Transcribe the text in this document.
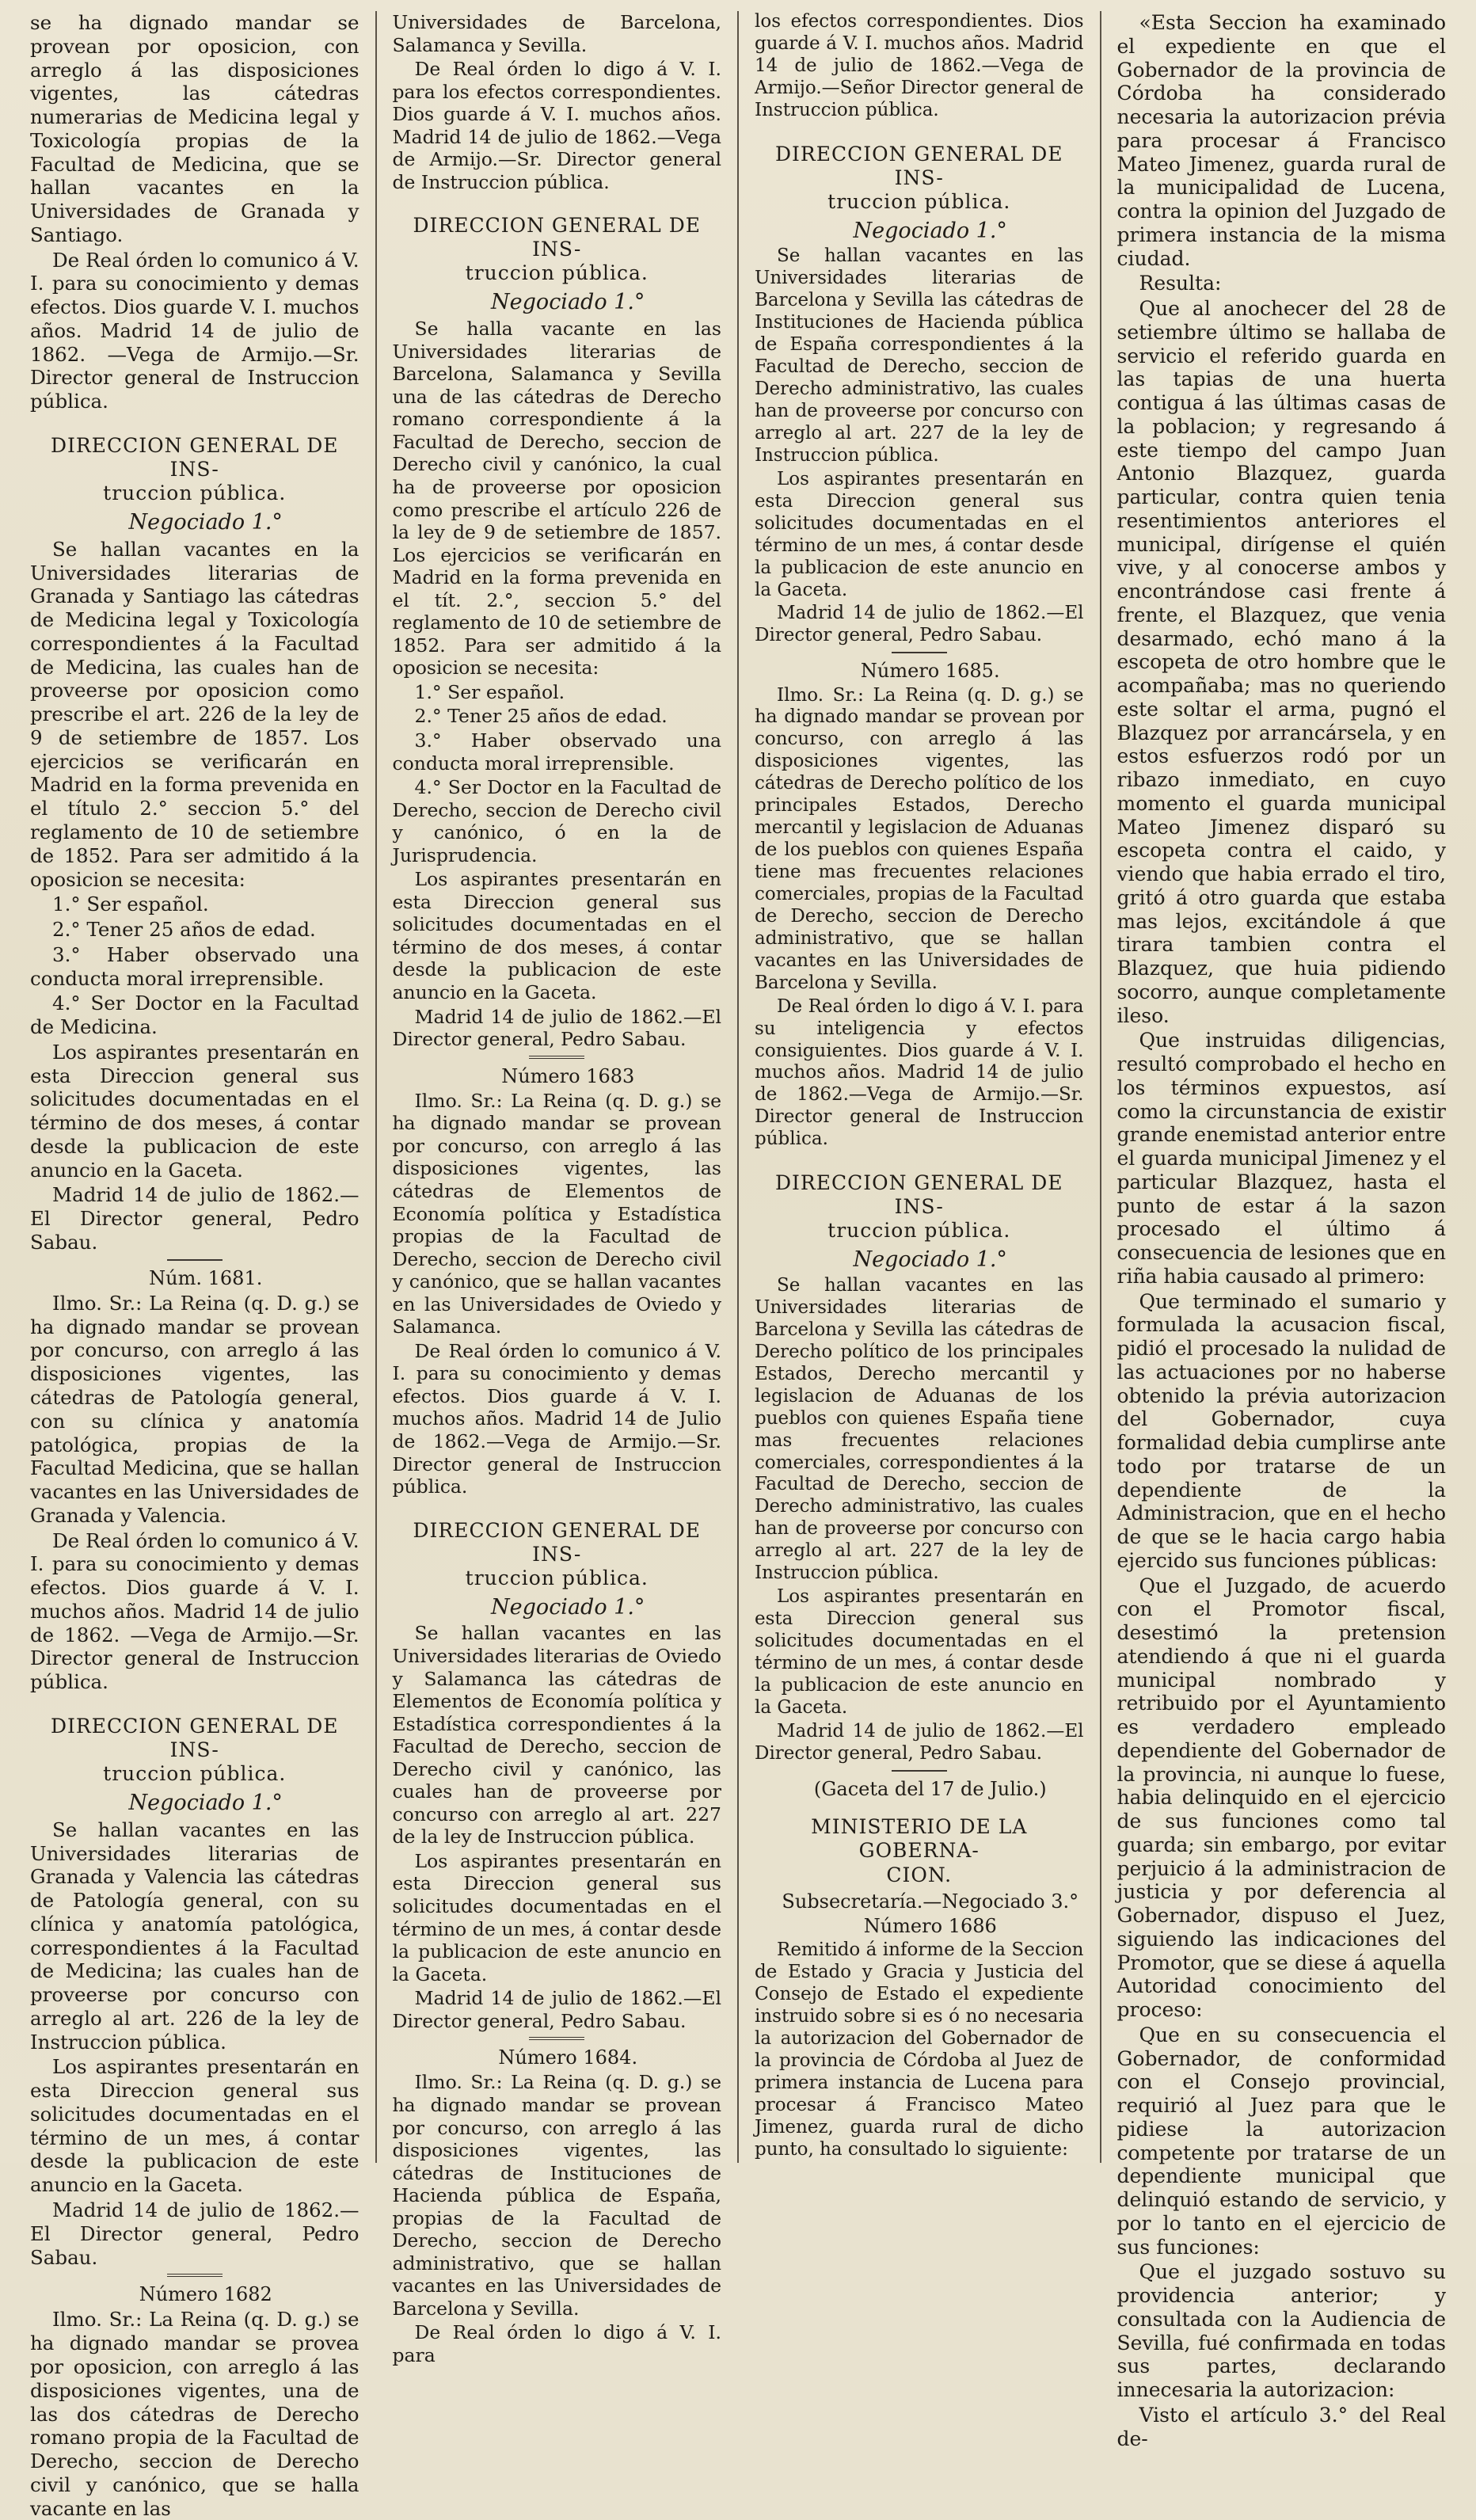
se ha dignado mandar se provean por oposicion, con arreglo á las disposiciones vigentes, las cátedras numerarias de Medicina legal y Toxicología propias de la Facultad de Medicina, que se hallan vacantes en la Universidades de Granada y Santiago.

De Real órden lo comunico á V. I. para su conocimiento y demas efectos. Dios guarde V. I. muchos años. Madrid 14 de julio de 1862. —Vega de Armijo.—Sr. Director general de Instruccion pública.

DIRECCION GENERAL DE INS-
truccion pública.

Negociado 1.°

Se hallan vacantes en la Universidades literarias de Granada y Santiago las cátedras de Medicina legal y Toxicología correspondientes á la Facultad de Medicina, las cuales han de proveerse por oposicion como prescribe el art. 226 de la ley de 9 de setiembre de 1857. Los ejercicios se verificarán en Madrid en la forma prevenida en el título 2.° seccion 5.° del reglamento de 10 de setiembre de 1852. Para ser admitido á la oposicion se necesita:

1.° Ser español.

2.° Tener 25 años de edad.

3.° Haber observado una conducta moral irreprensible.

4.° Ser Doctor en la Facultad de Medicina.

Los aspirantes presentarán en esta Direccion general sus solicitudes documentadas en el término de dos meses, á contar desde la publicacion de este anuncio en la Gaceta.

Madrid 14 de julio de 1862.—El Director general, Pedro Sabau.

Núm. 1681.

Ilmo. Sr.: La Reina (q. D. g.) se ha dignado mandar se provean por concurso, con arreglo á las disposiciones vigentes, las cátedras de Patología general, con su clínica y anatomía patológica, propias de la Facultad Medicina, que se hallan vacantes en las Universidades de Granada y Valencia.

De Real órden lo comunico á V. I. para su conocimiento y demas efectos. Dios guarde á V. I. muchos años. Madrid 14 de julio de 1862. —Vega de Armijo.—Sr. Director general de Instruccion pública.

DIRECCION GENERAL DE INS-
truccion pública.

Negociado 1.°

Se hallan vacantes en las Universidades literarias de Granada y Valencia las cátedras de Patología general, con su clínica y anatomía patológica, correspondientes á la Facultad de Medicina; las cuales han de proveerse por concurso con arreglo al art. 226 de la ley de Instruccion pública.

Los aspirantes presentarán en esta Direccion general sus solicitudes documentadas en el término de un mes, á contar desde la publicacion de este anuncio en la Gaceta.

Madrid 14 de julio de 1862.—El Director general, Pedro Sabau.

Número 1682

Ilmo. Sr.: La Reina (q. D. g.) se ha dignado mandar se provea por oposicion, con arreglo á las disposiciones vigentes, una de las dos cátedras de Derecho romano propia de la Facultad de Derecho, seccion de Derecho civil y canónico, que se halla vacante en las

Universidades de Barcelona, Salamanca y Sevilla.

De Real órden lo digo á V. I. para los efectos correspondientes. Dios guarde á V. I. muchos años. Madrid 14 de julio de 1862.—Vega de Armijo.—Sr. Director general de Instruccion pública.

DIRECCION GENERAL DE INS-
truccion pública.

Negociado 1.°

Se halla vacante en las Universidades literarias de Barcelona, Salamanca y Sevilla una de las cátedras de Derecho romano correspondiente á la Facultad de Derecho, seccion de Derecho civil y canónico, la cual ha de proveerse por oposicion como prescribe el artículo 226 de la ley de 9 de setiembre de 1857. Los ejercicios se verificarán en Madrid en la forma prevenida en el tít. 2.°, seccion 5.° del reglamento de 10 de setiembre de 1852. Para ser admitido á la oposicion se necesita:

1.° Ser español.

2.° Tener 25 años de edad.

3.° Haber observado una conducta moral irreprensible.

4.° Ser Doctor en la Facultad de Derecho, seccion de Derecho civil y canónico, ó en la de Jurisprudencia.

Los aspirantes presentarán en esta Direccion general sus solicitudes documentadas en el término de dos meses, á contar desde la publicacion de este anuncio en la Gaceta.

Madrid 14 de julio de 1862.—El Director general, Pedro Sabau.

Número 1683

Ilmo. Sr.: La Reina (q. D. g.) se ha dignado mandar se provean por concurso, con arreglo á las disposiciones vigentes, las cátedras de Elementos de Economía política y Estadística propias de la Facultad de Derecho, seccion de Derecho civil y canónico, que se hallan vacantes en las Universidades de Oviedo y Salamanca.

De Real órden lo comunico á V. I. para su conocimiento y demas efectos. Dios guarde á V. I. muchos años. Madrid 14 de Julio de 1862.—Vega de Armijo.—Sr. Director general de Instruccion pública.

DIRECCION GENERAL DE INS-
truccion pública.

Negociado 1.°

Se hallan vacantes en las Universidades literarias de Oviedo y Salamanca las cátedras de Elementos de Economía política y Estadística correspondientes á la Facultad de Derecho, seccion de Derecho civil y canónico, las cuales han de proveerse por concurso con arreglo al art. 227 de la ley de Instruccion pública.

Los aspirantes presentarán en esta Direccion general sus solicitudes documentadas en el término de un mes, á contar desde la publicacion de este anuncio en la Gaceta.

Madrid 14 de julio de 1862.—El Director general, Pedro Sabau.

Número 1684.

Ilmo. Sr.: La Reina (q. D. g.) se ha dignado mandar se provean por concurso, con arreglo á las disposiciones vigentes, las cátedras de Instituciones de Hacienda pública de España, propias de la Facultad de Derecho, seccion de Derecho administrativo, que se hallan vacantes en las Universidades de Barcelona y Sevilla.

De Real órden lo digo á V. I. para

los efectos correspondientes. Dios guarde á V. I. muchos años. Madrid 14 de julio de 1862.—Vega de Armijo.—Señor Director general de Instruccion pública.

DIRECCION GENERAL DE INS-
truccion pública.

Negociado 1.°

Se hallan vacantes en las Universidades literarias de Barcelona y Sevilla las cátedras de Instituciones de Hacienda pública de España correspondientes á la Facultad de Derecho, seccion de Derecho administrativo, las cuales han de proveerse por concurso con arreglo al art. 227 de la ley de Instruccion pública.

Los aspirantes presentarán en esta Direccion general sus solicitudes documentadas en el término de un mes, á contar desde la publicacion de este anuncio en la Gaceta.

Madrid 14 de julio de 1862.—El Director general, Pedro Sabau.

Número 1685.

Ilmo. Sr.: La Reina (q. D. g.) se ha dignado mandar se provean por concurso, con arreglo á las disposiciones vigentes, las cátedras de Derecho político de los principales Estados, Derecho mercantil y legislacion de Aduanas de los pueblos con quienes España tiene mas frecuentes relaciones comerciales, propias de la Facultad de Derecho, seccion de Derecho administrativo, que se hallan vacantes en las Universidades de Barcelona y Sevilla.

De Real órden lo digo á V. I. para su inteligencia y efectos consiguientes. Dios guarde á V. I. muchos años. Madrid 14 de julio de 1862.—Vega de Armijo.—Sr. Director general de Instruccion pública.

DIRECCION GENERAL DE INS-
truccion pública.

Negociado 1.°

Se hallan vacantes en las Universidades literarias de Barcelona y Sevilla las cátedras de Derecho político de los principales Estados, Derecho mercantil y legislacion de Aduanas de los pueblos con quienes España tiene mas frecuentes relaciones comerciales, correspondientes á la Facultad de Derecho, seccion de Derecho administrativo, las cuales han de proveerse por concurso con arreglo al art. 227 de la ley de Instruccion pública.

Los aspirantes presentarán en esta Direccion general sus solicitudes documentadas en el término de un mes, á contar desde la publicacion de este anuncio en la Gaceta.

Madrid 14 de julio de 1862.—El Director general, Pedro Sabau.

(Gaceta del 17 de Julio.)

MINISTERIO DE LA GOBERNA-
CION.

Subsecretaría.—Negociado 3.°

Número 1686

Remitido á informe de la Seccion de Estado y Gracia y Justicia del Consejo de Estado el expediente instruido sobre si es ó no necesaria la autorizacion del Gobernador de la provincia de Córdoba al Juez de primera instancia de Lucena para procesar á Francisco Mateo Jimenez, guarda rural de dicho punto, ha consultado lo siguiente:

«Esta Seccion ha examinado el expediente en que el Gobernador de la provincia de Córdoba ha considerado necesaria la autorizacion prévia para procesar á Francisco Mateo Jimenez, guarda rural de la municipalidad de Lucena, contra la opinion del Juzgado de primera instancia de la misma ciudad.

Resulta:

Que al anochecer del 28 de setiembre último se hallaba de servicio el referido guarda en las tapias de una huerta contigua á las últimas casas de la poblacion; y regresando á este tiempo del campo Juan Antonio Blazquez, guarda particular, contra quien tenia resentimientos anteriores el municipal, dirígense el quién vive, y al conocerse ambos y encontrándose casi frente á frente, el Blazquez, que venia desarmado, echó mano á la escopeta de otro hombre que le acompañaba; mas no queriendo este soltar el arma, pugnó el Blazquez por arrancársela, y en estos esfuerzos rodó por un ribazo inmediato, en cuyo momento el guarda municipal Mateo Jimenez disparó su escopeta contra el caido, y viendo que habia errado el tiro, gritó á otro guarda que estaba mas lejos, excitándole á que tirara tambien contra el Blazquez, que huia pidiendo socorro, aunque completamente ileso.

Que instruidas diligencias, resultó comprobado el hecho en los términos expuestos, así como la circunstancia de existir grande enemistad anterior entre el guarda municipal Jimenez y el particular Blazquez, hasta el punto de estar á la sazon procesado el último á consecuencia de lesiones que en riña habia causado al primero:

Que terminado el sumario y formulada la acusacion fiscal, pidió el procesado la nulidad de las actuaciones por no haberse obtenido la prévia autorizacion del Gobernador, cuya formalidad debia cumplirse ante todo por tratarse de un dependiente de la Administracion, que en el hecho de que se le hacia cargo habia ejercido sus funciones públicas:

Que el Juzgado, de acuerdo con el Promotor fiscal, desestimó la pretension atendiendo á que ni el guarda municipal nombrado y retribuido por el Ayuntamiento es verdadero empleado dependiente del Gobernador de la provincia, ni aunque lo fuese, habia delinquido en el ejercicio de sus funciones como tal guarda; sin embargo, por evitar perjuicio á la administracion de justicia y por deferencia al Gobernador, dispuso el Juez, siguiendo las indicaciones del Promotor, que se diese á aquella Autoridad conocimiento del proceso:

Que en su consecuencia el Gobernador, de conformidad con el Consejo provincial, requirió al Juez para que le pidiese la autorizacion competente por tratarse de un dependiente municipal que delinquió estando de servicio, y por lo tanto en el ejercicio de sus funciones:

Que el juzgado sostuvo su providencia anterior; y consultada con la Audiencia de Sevilla, fué confirmada en todas sus partes, declarando innecesaria la autorizacion:

Visto el artículo 3.° del Real de-
